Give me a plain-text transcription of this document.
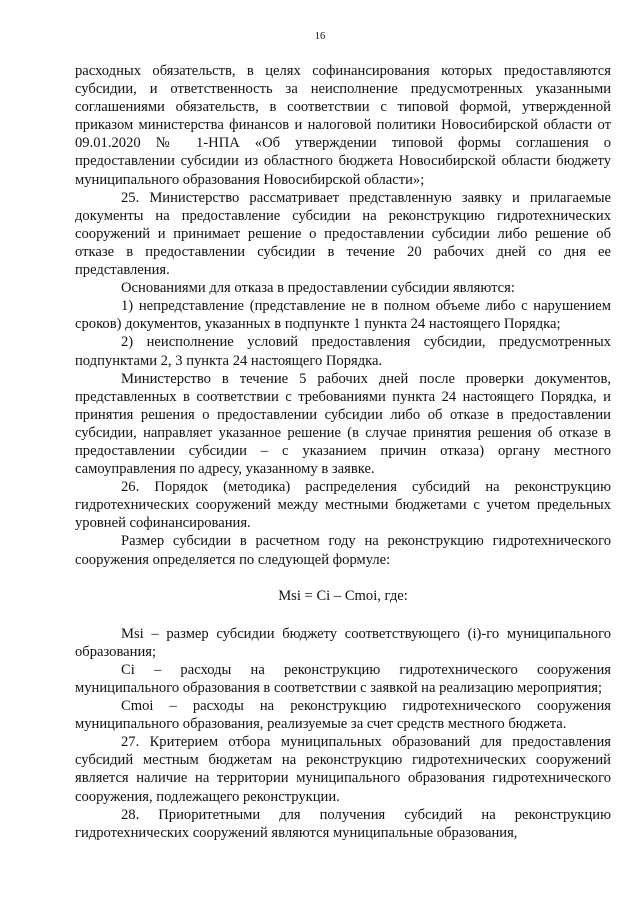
16

расходных обязательств, в целях софинансирования которых предоставляются субсидии, и ответственность за неисполнение предусмотренных указанными соглашениями обязательств, в соответствии с типовой формой, утвержденной приказом министерства финансов и налоговой политики Новосибирской области от 09.01.2020 № 1-НПА «Об утверждении типовой формы соглашения о предоставлении субсидии из областного бюджета Новосибирской области бюджету муниципального образования Новосибирской области»;

25. Министерство рассматривает представленную заявку и прилагаемые документы на предоставление субсидии на реконструкцию гидротехнических сооружений и принимает решение о предоставлении субсидии либо решение об отказе в предоставлении субсидии в течение 20 рабочих дней со дня ее представления.

Основаниями для отказа в предоставлении субсидии являются:

1) непредставление (представление не в полном объеме либо с нарушением сроков) документов, указанных в подпункте 1 пункта 24 настоящего Порядка;

2) неисполнение условий предоставления субсидии, предусмотренных подпунктами 2, 3 пункта 24 настоящего Порядка.

Министерство в течение 5 рабочих дней после проверки документов, представленных в соответствии с требованиями пункта 24 настоящего Порядка, и принятия решения о предоставлении субсидии либо об отказе в предоставлении субсидии, направляет указанное решение (в случае принятия решения об отказе в предоставлении субсидии – с указанием причин отказа) органу местного самоуправления по адресу, указанному в заявке.

26. Порядок (методика) распределения субсидий на реконструкцию гидротехнических сооружений между местными бюджетами с учетом предельных уровней софинансирования.

Размер субсидии в расчетном году на реконструкцию гидротехнического сооружения определяется по следующей формуле:

Msi = Ci – Cmoi, где:

Msi – размер субсидии бюджету соответствующего (i)-го муниципального образования;

Ci – расходы на реконструкцию гидротехнического сооружения муниципального образования в соответствии с заявкой на реализацию мероприятия;

Cmoi – расходы на реконструкцию гидротехнического сооружения муниципального образования, реализуемые за счет средств местного бюджета.

27. Критерием отбора муниципальных образований для предоставления субсидий местным бюджетам на реконструкцию гидротехнических сооружений является наличие на территории муниципального образования гидротехнического сооружения, подлежащего реконструкции.

28. Приоритетными для получения субсидий на реконструкцию гидротехнических сооружений являются муниципальные образования,
